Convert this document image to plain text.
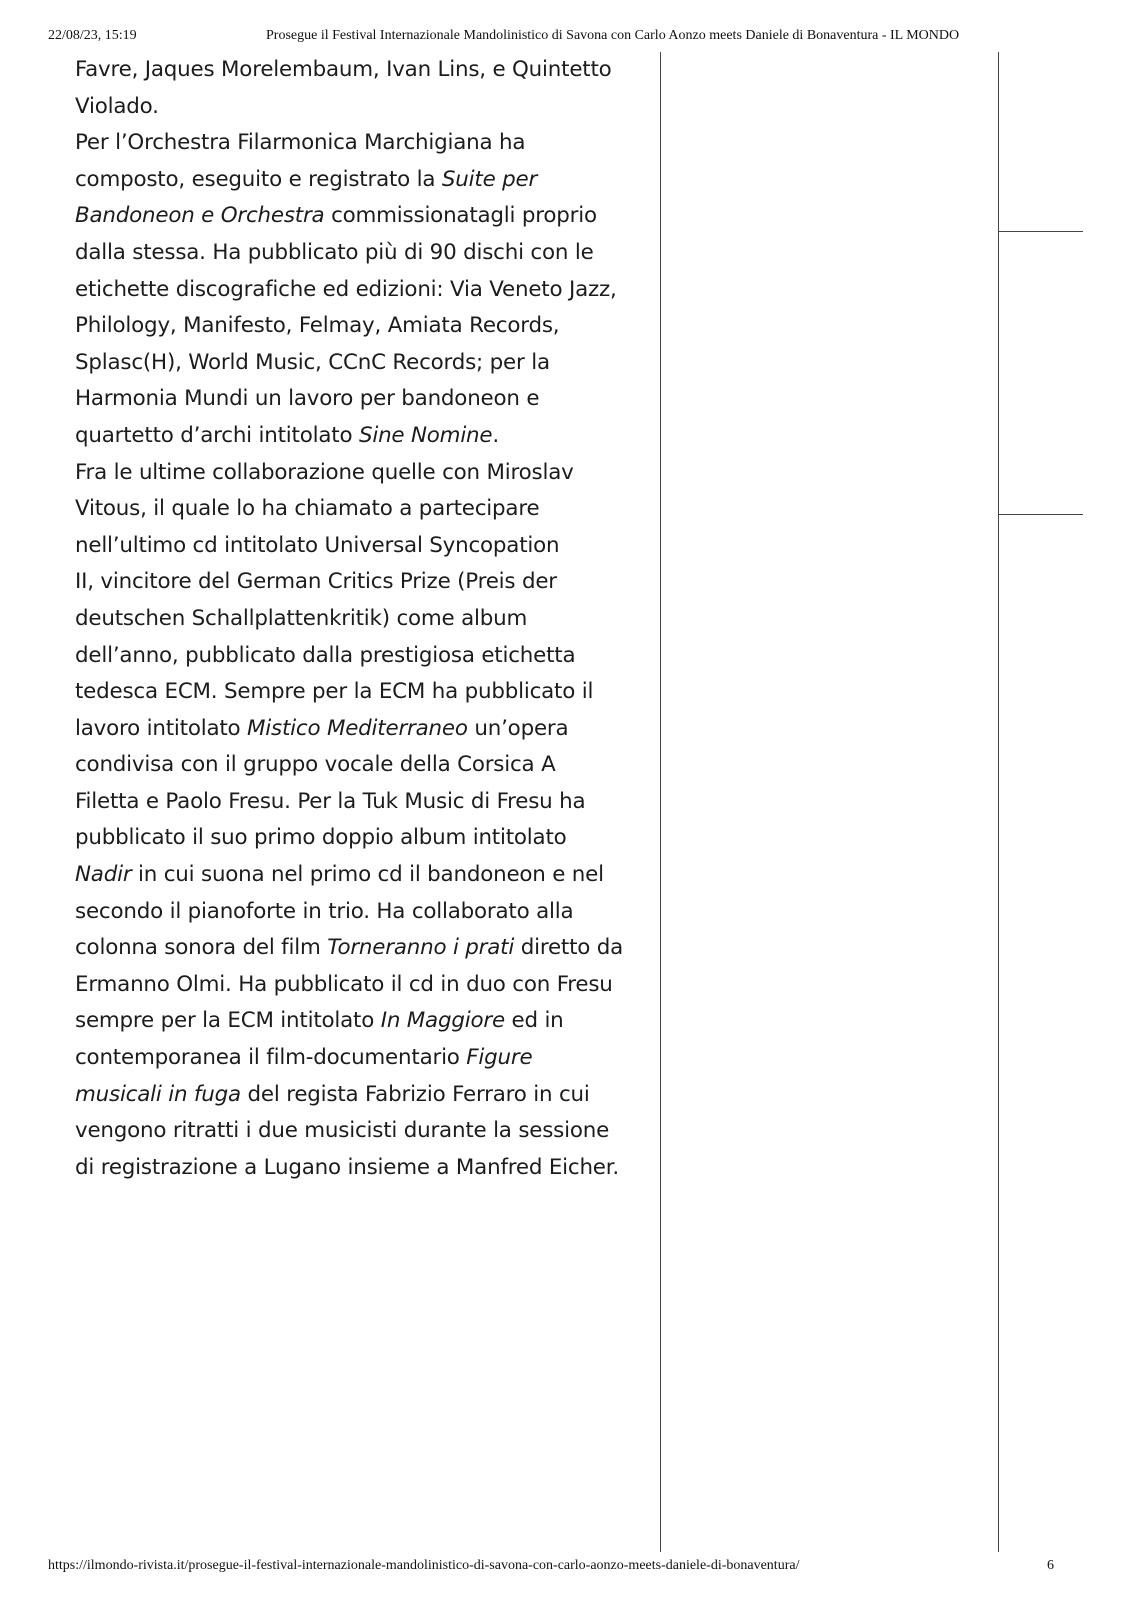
22/08/23, 15:19	Prosegue il Festival Internazionale Mandolinistico di Savona con Carlo Aonzo meets Daniele di Bonaventura - IL MONDO
Favre, Jaques Morelembaum, Ivan Lins, e Quintetto
Violado.
Per l’Orchestra Filarmonica Marchigiana ha
composto, eseguito e registrato la Suite per
Bandoneon e Orchestra commissionatagli proprio
dalla stessa. Ha pubblicato più di 90 dischi con le
etichette discografiche ed edizioni: Via Veneto Jazz,
Philology, Manifesto, Felmay, Amiata Records,
Splasc(H), World Music, CCnC Records; per la
Harmonia Mundi un lavoro per bandoneon e
quartetto d’archi intitolato Sine Nomine.
Fra le ultime collaborazione quelle con Miroslav
Vitous, il quale lo ha chiamato a partecipare
nell’ultimo cd intitolato Universal Syncopation
II, vincitore del German Critics Prize (Preis der
deutschen Schallplattenkritik) come album
dell’anno, pubblicato dalla prestigiosa etichetta
tedesca ECM. Sempre per la ECM ha pubblicato il
lavoro intitolato Mistico Mediterraneo un’opera
condivisa con il gruppo vocale della Corsica A
Filetta e Paolo Fresu. Per la Tuk Music di Fresu ha
pubblicato il suo primo doppio album intitolato
Nadir in cui suona nel primo cd il bandoneon e nel
secondo il pianoforte in trio. Ha collaborato alla
colonna sonora del film Torneranno i prati diretto da
Ermanno Olmi. Ha pubblicato il cd in duo con Fresu
sempre per la ECM intitolato In Maggiore ed in
contemporanea il film-documentario Figure
musicali in fuga del regista Fabrizio Ferraro in cui
vengono ritratti i due musicisti durante la sessione
di registrazione a Lugano insieme a Manfred Eicher.
https://ilmondo-rivista.it/prosegue-il-festival-internazionale-mandolinistico-di-savona-con-carlo-aonzo-meets-daniele-di-bonaventura/	6
